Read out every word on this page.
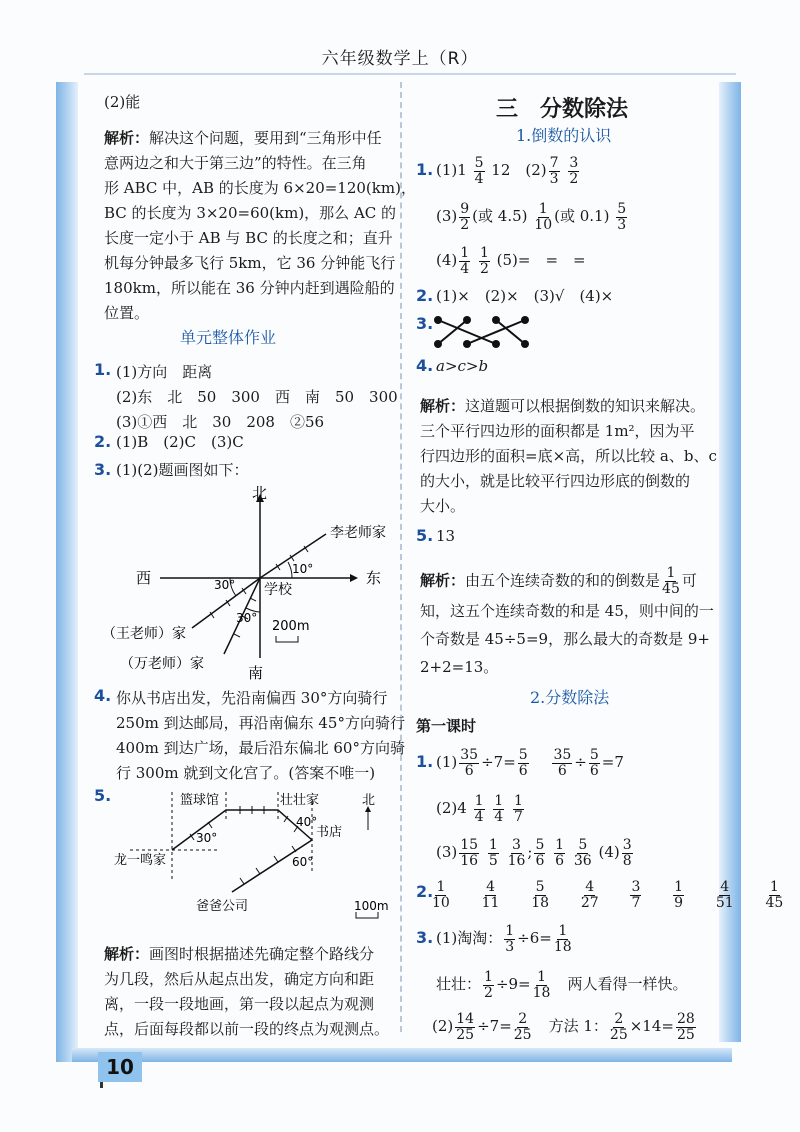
六年级数学上（R）
10
(2)能
解析：解决这个问题，要用到“三角形中任
意两边之和大于第三边”的特性。在三角
形 ABC 中，AB 的长度为 6×20=120(km)，
BC 的长度为 3×20=60(km)，那么 AC 的
长度一定小于 AB 与 BC 的长度之和；直升
机每分钟最多飞行 5km，它 36 分钟能飞行
180km，所以能在 36 分钟内赶到遇险船的
位置。
单元整体作业
1. (1)方向　距离
(2)东　北　50　300　西　南　50　300
(3)①西　北　30　208　②56
2. (1)B　(2)C　(3)C
3. (1)(2)题画图如下：
北
西	东
南
学校
李老师家
（王老师）家
（万老师）家
30°
10°
30°
200m
4. 你从书店出发，先沿南偏西 30°方向骑行
250m 到达邮局，再沿南偏东 45°方向骑行
400m 到达广场，最后沿东偏北 60°方向骑
行 300m 就到文化宫了。(答案不唯一)
5.	篮球馆	壮壮家	北
书店
龙一鸣家
爸爸公司
30°
40°
60°
100m
解析：画图时根据描述先确定整个路线分
为几段，然后从起点出发，确定方向和距
离，一段一段地画，第一段以起点为观测
点，后面每段都以前一段的终点为观测点。
三　分数除法
1.倒数的认识
1. $(1)1 \frac{5}{4} 12$　$(2) \frac{7}{3}$
$\frac{3}{2}$
$(3) \frac{9}{2}$ (或 $4.5) \frac{1}{10}$ (或 $0.1) \frac{5}{3}$
$(4) \frac{1}{4}$
$\frac{1}{2} (5)=$　=　=
2. (1)×　(2)×　(3)√　(4)×
3.
4. a>c>b
解析：这道题可以根据倒数的知识来解决。
三个平行四边形的面积都是 1m²，因为平
行四边形的面积=底×高，所以比较 a、b、c
的大小，就是比较平行四边形底的倒数的
大小。
5. 13
解析：由五个连续奇数的和的倒数是 $\frac{1}{45}$ 可
知，这五个连续奇数的和是 45，则中间的一
个奇数是 45÷5=9，那么最大的奇数是 9+
2+2=13。
2.分数除法
第一课时
1. $(1) \frac{35}{6} \div 7= \frac{5}{6}$
　 $\frac{35}{6} \div \frac{5}{6} =7$
$(2)4 \frac{1}{4}$
$\frac{1}{4}$
$\frac{1}{7}$
$(3) \frac{15}{16}$
$\frac{1}{5}$
$\frac{3}{16}$ ; $\frac{5}{6}$
$\frac{1}{6}$
$\frac{5}{36} (4) \frac{3}{8}$
2.
$\frac{1}{10}$
　 $\frac{4}{11}$
　 $\frac{5}{18}$
　 $\frac{4}{27}$
　 $\frac{3}{7}$
　 $\frac{1}{9}$
　 $\frac{4}{51}$
　 $\frac{1}{45}$
3. (1)淘淘： $\frac{1}{3} \div 6= \frac{1}{18}$
壮壮： $\frac{1}{2} \div 9= \frac{1}{18}$ 　两人看得一样快。
$(2) \frac{14}{25} \div 7= \frac{2}{25}$ 　方法 1： $\frac{2}{25} \times 14= \frac{28}{25}$
